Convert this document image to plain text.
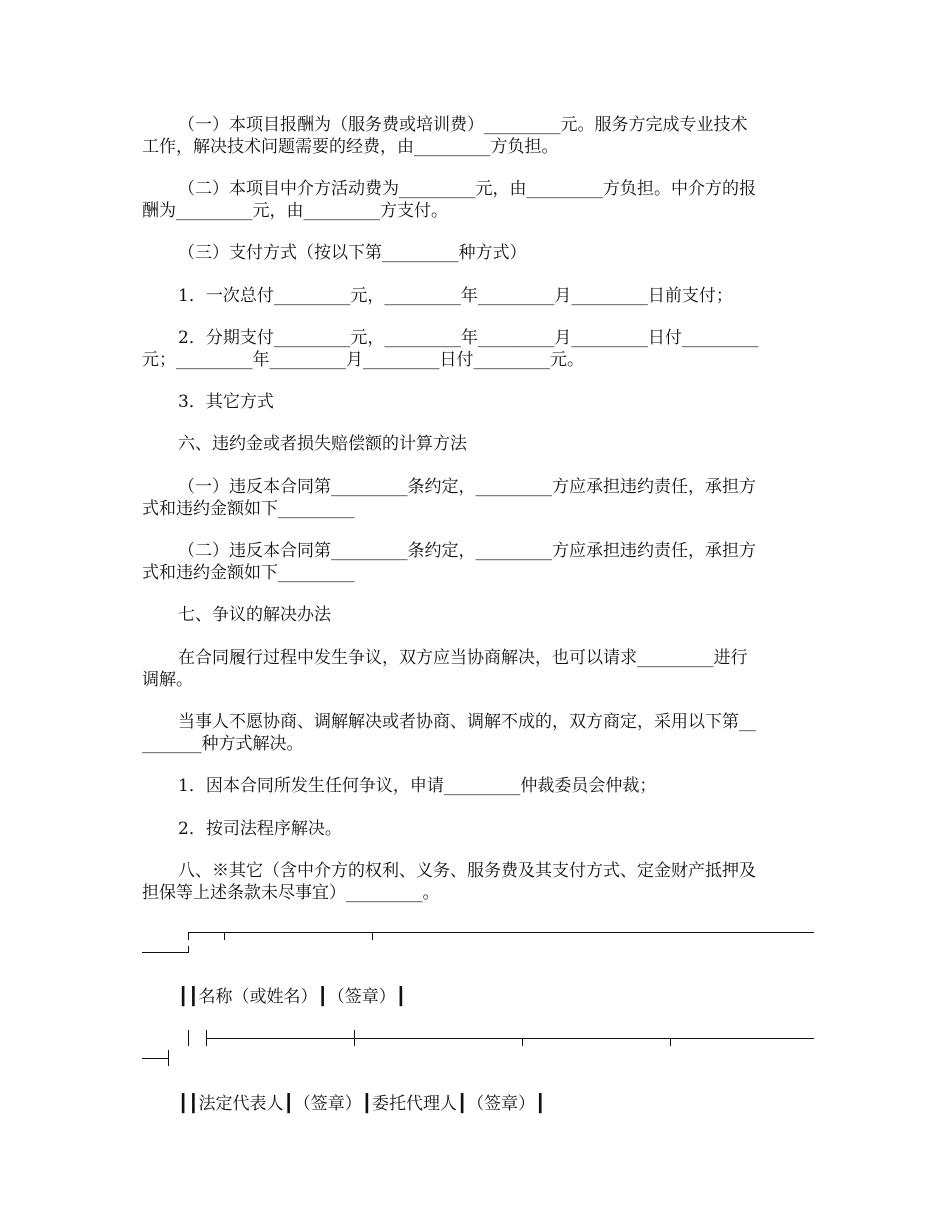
（一）本项目报酬为（服务费或培训费）_________元。服务方完成专业技术
工作，解决技术问题需要的经费，由_________方负担。
（二）本项目中介方活动费为_________元，由_________方负担。中介方的报
酬为_________元，由_________方支付。
（三）支付方式（按以下第_________种方式）
1．一次总付_________元，_________年_________月_________日前支付；
2．分期支付_________元，_________年_________月_________日付_________
元；_________年_________月_________日付_________元。
3．其它方式
六、违约金或者损失赔偿额的计算方法
（一）违反本合同第_________条约定，_________方应承担违约责任，承担方
式和违约金额如下_________
（二）违反本合同第_________条约定，_________方应承担违约责任，承担方
式和违约金额如下_________
七、争议的解决办法
在合同履行过程中发生争议，双方应当协商解决，也可以请求_________进行
调解。
当事人不愿协商、调解解决或者协商、调解不成的，双方商定，采用以下第__
_______种方式解决。
1．因本合同所发生任何争议，申请_________仲裁委员会仲裁；
2．按司法程序解决。
八、※其它（含中介方的权利、义务、服务费及其支付方式、定金财产抵押及
担保等上述条款未尽事宜）_________。

┃┃名称（或姓名）┃（签章）┃

┃┃法定代表人┃（签章）┃委托代理人┃（签章）┃
